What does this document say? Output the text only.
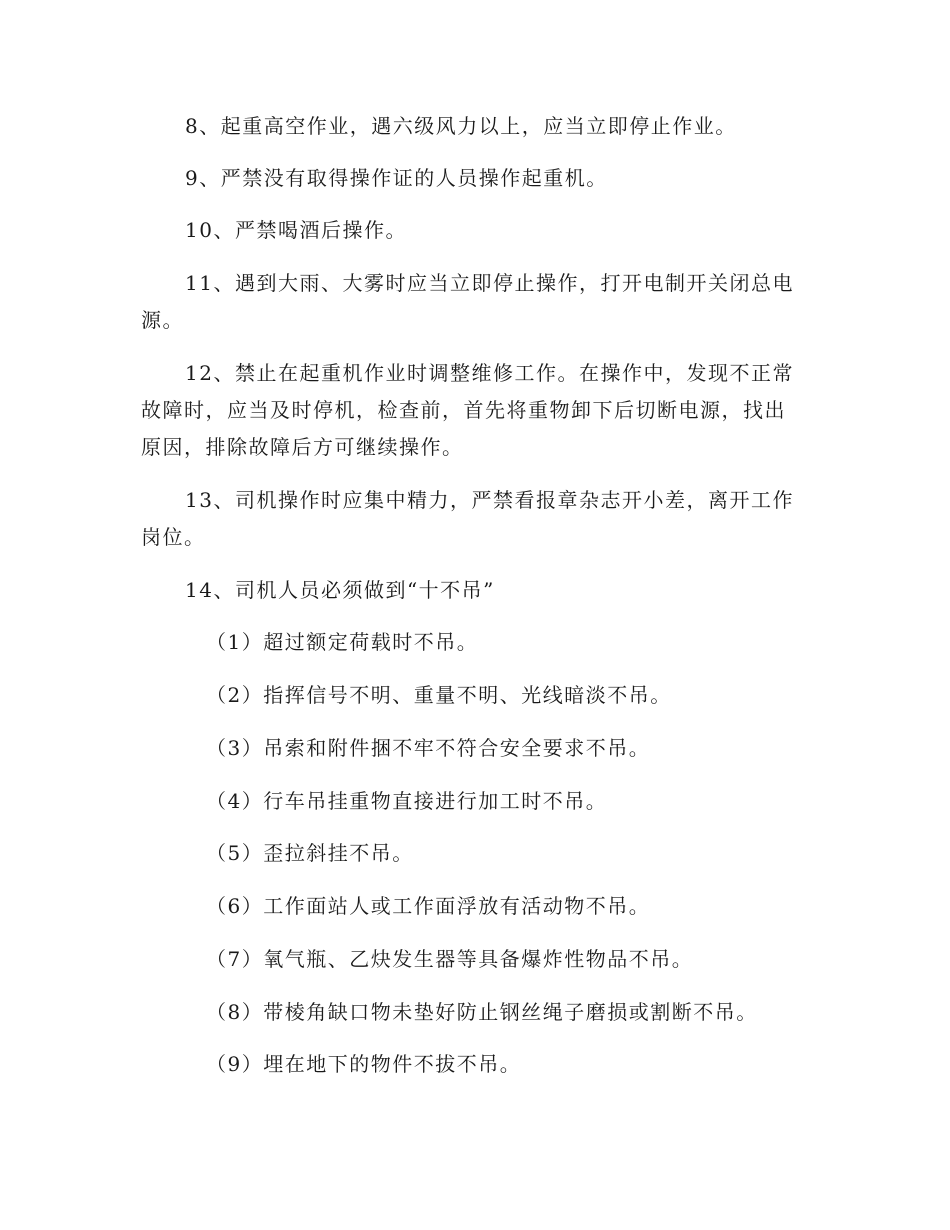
8、起重高空作业，遇六级风力以上，应当立即停止作业。

9、严禁没有取得操作证的人员操作起重机。

10、严禁喝酒后操作。

11、遇到大雨、大雾时应当立即停止操作，打开电制开关闭总电源。

12、禁止在起重机作业时调整维修工作。在操作中，发现不正常故障时，应当及时停机，检查前，首先将重物卸下后切断电源，找出原因，排除故障后方可继续操作。

13、司机操作时应集中精力，严禁看报章杂志开小差，离开工作岗位。

14、司机人员必须做到“十不吊”

（1）超过额定荷载时不吊。

（2）指挥信号不明、重量不明、光线暗淡不吊。

（3）吊索和附件捆不牢不符合安全要求不吊。

（4）行车吊挂重物直接进行加工时不吊。

（5）歪拉斜挂不吊。

（6）工作面站人或工作面浮放有活动物不吊。

（7）氧气瓶、乙炔发生器等具备爆炸性物品不吊。

（8）带棱角缺口物未垫好防止钢丝绳子磨损或割断不吊。

（9）埋在地下的物件不拔不吊。
